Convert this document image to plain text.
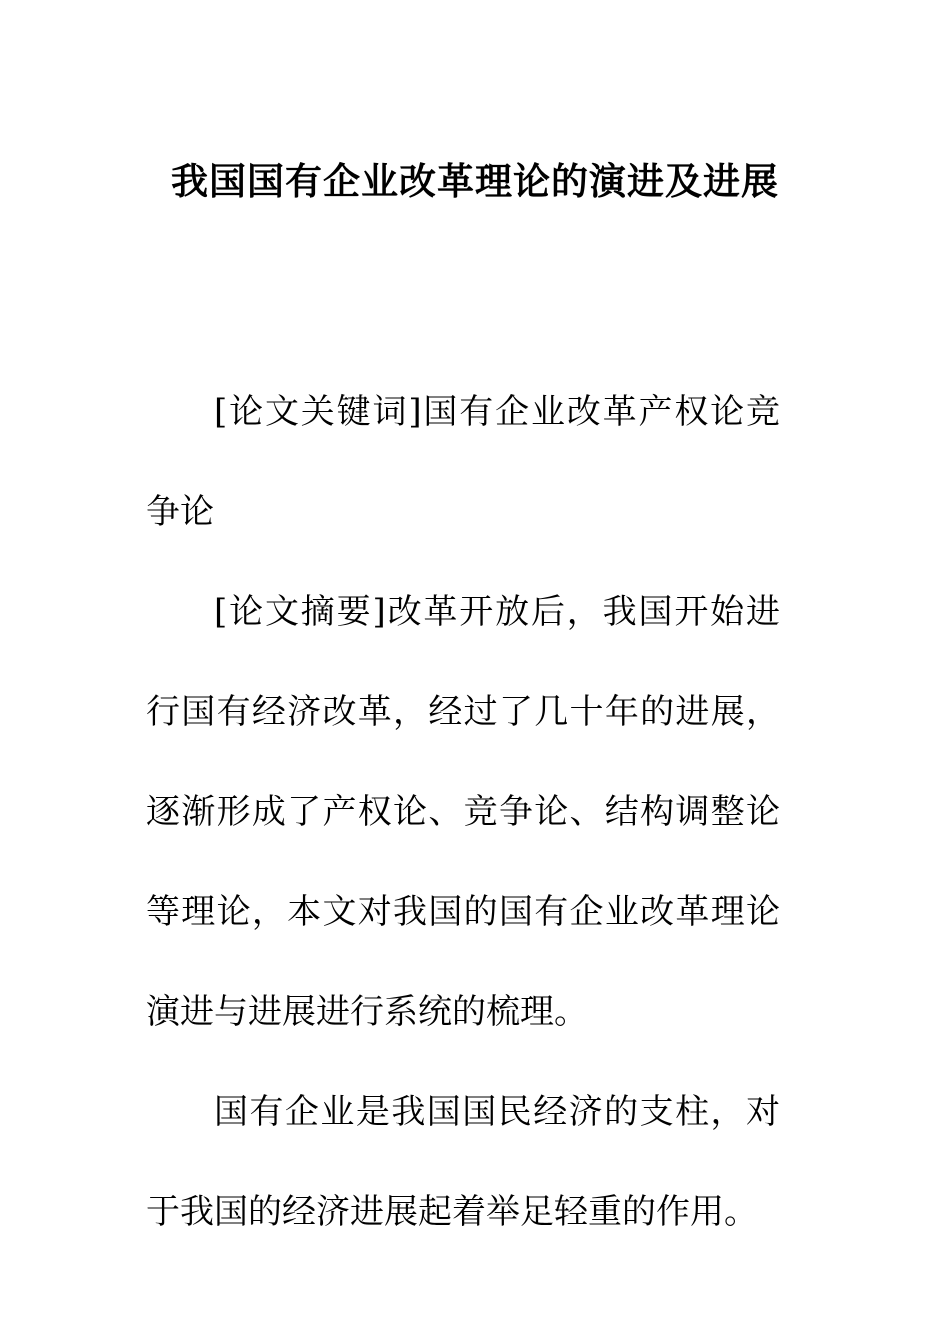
我国国有企业改革理论的演进及进展

[论文关键词]国有企业改革产权论竞争论

[论文摘要]改革开放后，我国开始进行国有经济改革，经过了几十年的进展，逐渐形成了产权论、竞争论、结构调整论等理论，本文对我国的国有企业改革理论演进与进展进行系统的梳理。

国有企业是我国国民经济的支柱，对于我国的经济进展起着举足轻重的作用。
